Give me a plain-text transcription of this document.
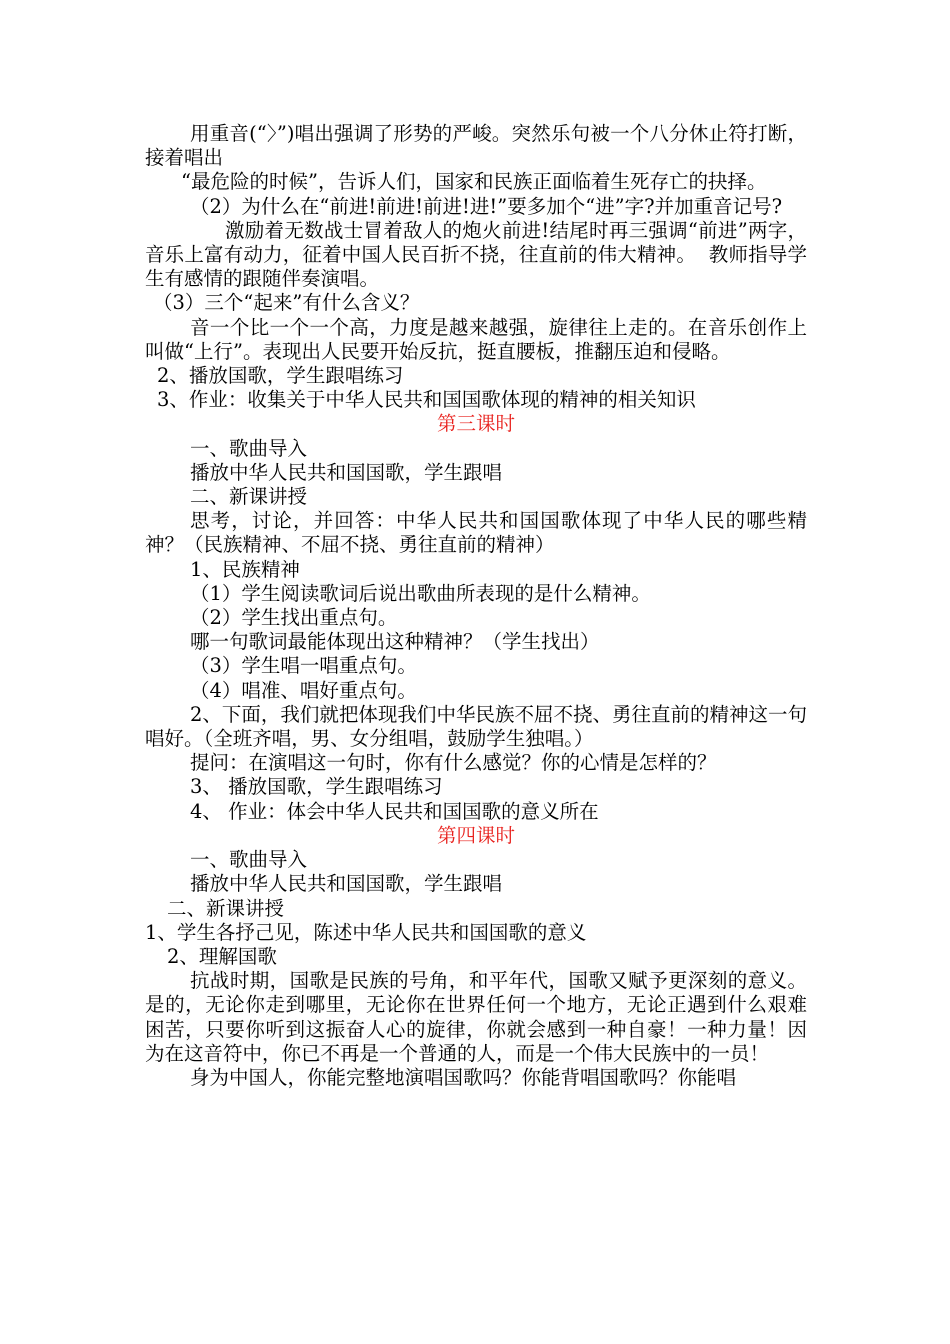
用重音(“〉”)唱出强调了形势的严峻。突然乐句被一个八分休止符打断，接着唱出

“最危险的时候”，告诉人们，国家和民族正面临着生死存亡的抉择。

（2）为什么在“前进!前进!前进!进!”要多加个“进”字?并加重音记号?

激励着无数战士冒着敌人的炮火前进!结尾时再三强调“前进”两字，音乐上富有动力，征着中国人民百折不挠，往直前的伟大精神。  教师指导学生有感情的跟随伴奏演唱。

（3）三个“起来”有什么含义？

音一个比一个一个高，力度是越来越强，旋律往上走的。在音乐创作上叫做“上行”。表现出人民要开始反抗，挺直腰板，推翻压迫和侵略。

2、播放国歌，学生跟唱练习

3、作业：收集关于中华人民共和国国歌体现的精神的相关知识

第三课时

一、歌曲导入

播放中华人民共和国国歌，学生跟唱

二、新课讲授

思考，讨论，并回答：中华人民共和国国歌体现了中华人民的哪些精神？（民族精神、不屈不挠、勇往直前的精神）

1、民族精神

（1）学生阅读歌词后说出歌曲所表现的是什么精神。

（2）学生找出重点句。

哪一句歌词最能体现出这种精神？（学生找出）

（3）学生唱一唱重点句。

（4）唱准、唱好重点句。

2、下面，我们就把体现我们中华民族不屈不挠、勇往直前的精神这一句唱好。（全班齐唱，男、女分组唱，鼓励学生独唱。）

提问：在演唱这一句时，你有什么感觉？你的心情是怎样的？

3、 播放国歌，学生跟唱练习

4、 作业：体会中华人民共和国国歌的意义所在

第四课时

一、歌曲导入

播放中华人民共和国国歌，学生跟唱

二、新课讲授

1、学生各抒己见，陈述中华人民共和国国歌的意义

2、理解国歌

抗战时期，国歌是民族的号角，和平年代，国歌又赋予更深刻的意义。是的，无论你走到哪里，无论你在世界任何一个地方，无论正遇到什么艰难困苦，只要你听到这振奋人心的旋律，你就会感到一种自豪！一种力量！因为在这音符中，你已不再是一个普通的人，而是一个伟大民族中的一员！

身为中国人，你能完整地演唱国歌吗？你能背唱国歌吗？你能唱
